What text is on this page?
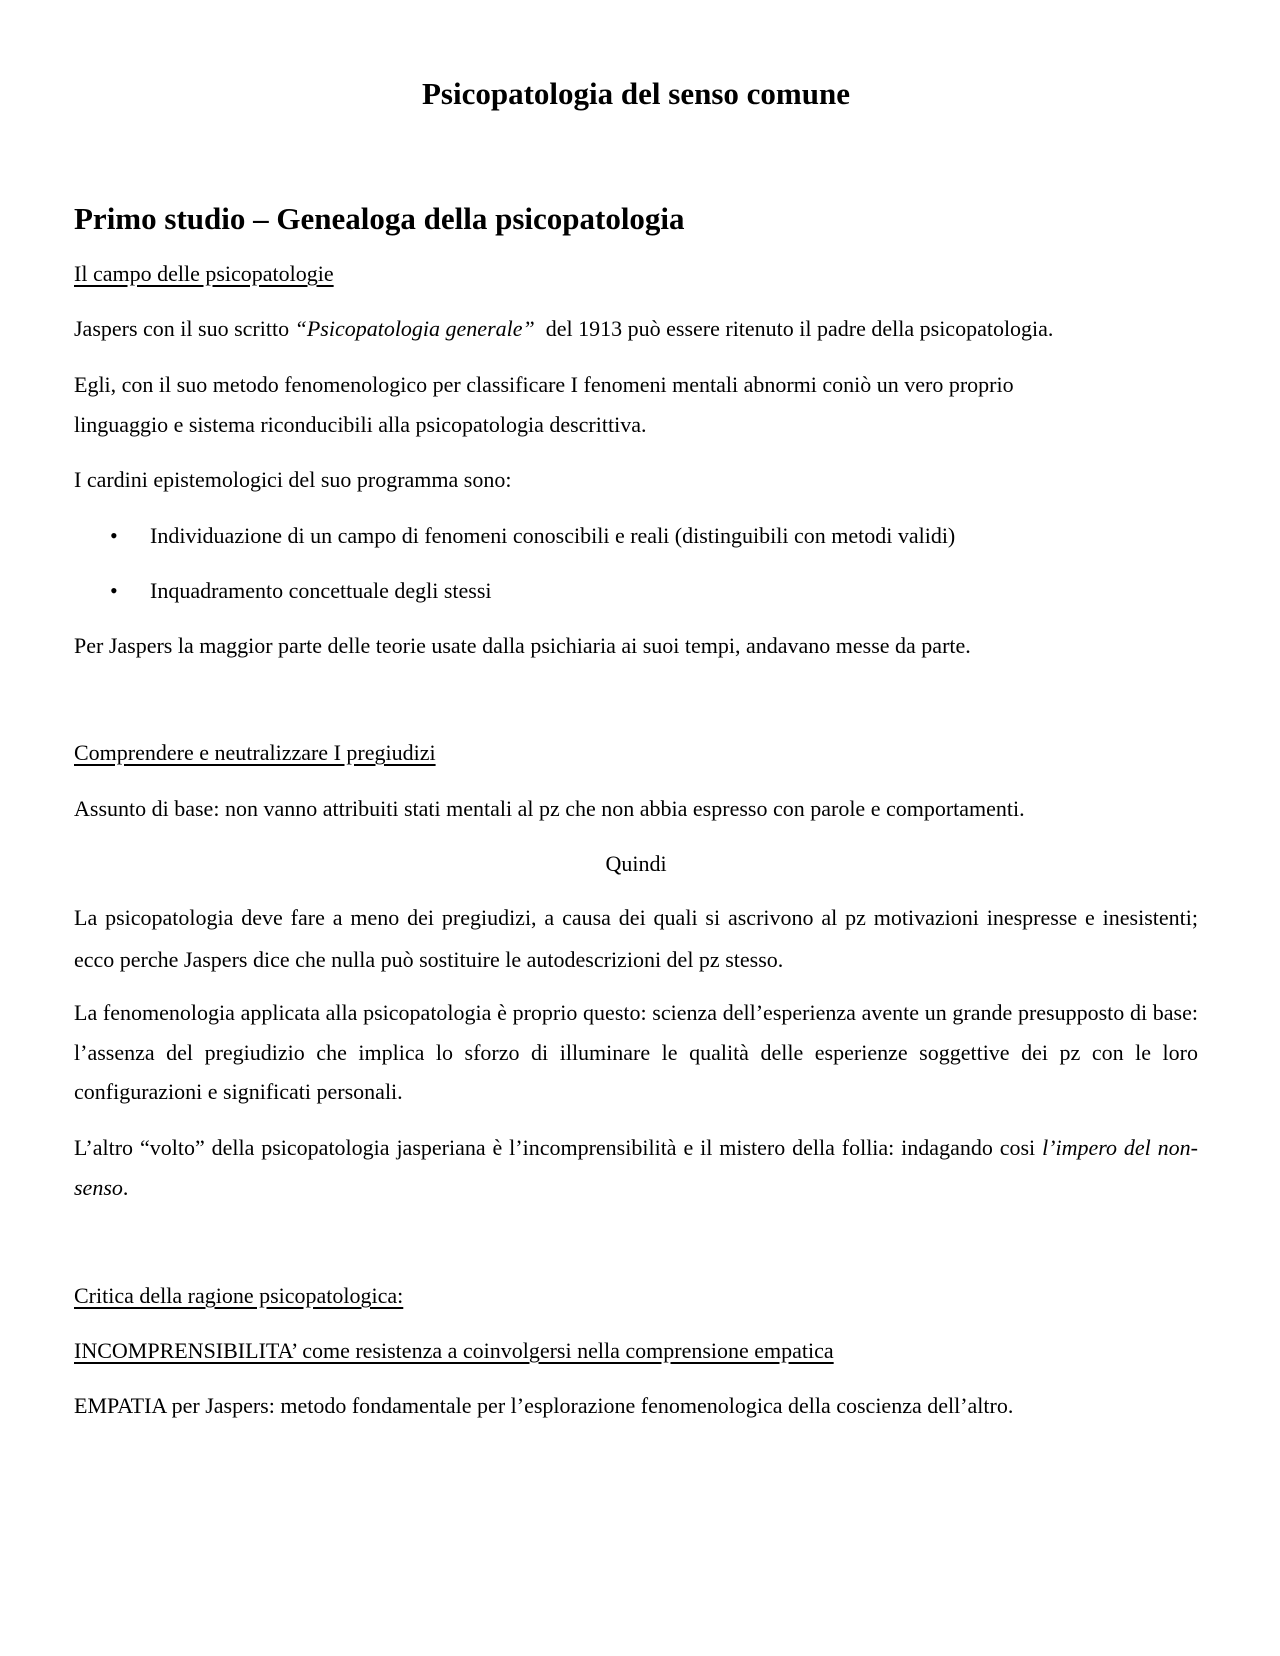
Psicopatologia del senso comune
Primo studio – Genealoga della psicopatologia
Il campo delle psicopatologie
Jaspers con il suo scritto “Psicopatologia generale”  del 1913 può essere ritenuto il padre della psicopatologia.
Egli, con il suo metodo fenomenologico per classificare I fenomeni mentali abnormi coniò un vero proprio
linguaggio e sistema riconducibili alla psicopatologia descrittiva.
I cardini epistemologici del suo programma sono:
• Individuazione di un campo di fenomeni conoscibili e reali (distinguibili con metodi validi)
• Inquadramento concettuale degli stessi
Per Jaspers la maggior parte delle teorie usate dalla psichiaria ai suoi tempi, andavano messe da parte.
Comprendere e neutralizzare I pregiudizi
Assunto di base: non vanno attribuiti stati mentali al pz che non abbia espresso con parole e comportamenti.
Quindi
La psicopatologia deve fare a meno dei pregiudizi, a causa dei quali si ascrivono al pz motivazioni inespresse e inesistenti; ecco perche Jaspers dice che nulla può sostituire le autodescrizioni del pz stesso.
La fenomenologia applicata alla psicopatologia è proprio questo: scienza dell’esperienza avente un grande presupposto di base: l’assenza del pregiudizio che implica lo sforzo di illuminare le qualità delle esperienze soggettive dei pz con le loro configurazioni e significati personali.
L’altro “volto” della psicopatologia jasperiana è l’incomprensibilità e il mistero della follia: indagando cosi l’impero del non-senso.
Critica della ragione psicopatologica:
INCOMPRENSIBILITA’ come resistenza a coinvolgersi nella comprensione empatica
EMPATIA per Jaspers: metodo fondamentale per l’esplorazione fenomenologica della coscienza dell’altro.
